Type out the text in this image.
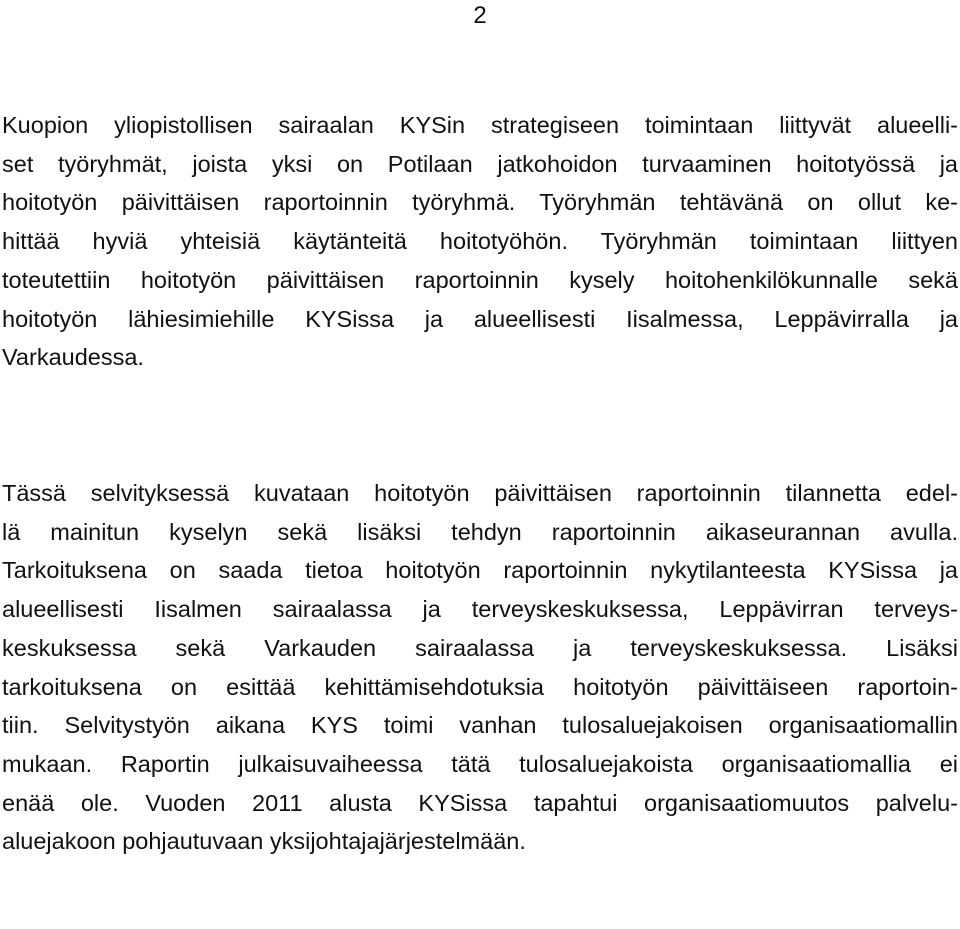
2
Kuopion yliopistollisen sairaalan KYSin strategiseen toimintaan liittyvät alueelli-
set työryhmät, joista yksi on Potilaan jatkohoidon turvaaminen hoitotyössä ja
hoitotyön päivittäisen raportoinnin työryhmä. Työryhmän tehtävänä on ollut ke-
hittää hyviä yhteisiä käytänteitä hoitotyöhön. Työryhmän toimintaan liittyen
toteutettiin hoitotyön päivittäisen raportoinnin kysely hoitohenkilökunnalle sekä
hoitotyön lähiesimiehille KYSissa ja alueellisesti Iisalmessa, Leppävirralla ja
Varkaudessa.
Tässä selvityksessä kuvataan hoitotyön päivittäisen raportoinnin tilannetta edel-
lä mainitun kyselyn sekä lisäksi tehdyn raportoinnin aikaseurannan avulla.
Tarkoituksena on saada tietoa hoitotyön raportoinnin nykytilanteesta KYSissa ja
alueellisesti Iisalmen sairaalassa ja terveyskeskuksessa, Leppävirran terveys-
keskuksessa sekä Varkauden sairaalassa ja terveyskeskuksessa. Lisäksi
tarkoituksena on esittää kehittämisehdotuksia hoitotyön päivittäiseen raportoin-
tiin. Selvitystyön aikana KYS toimi vanhan tulosaluejakoisen organisaatiomallin
mukaan. Raportin julkaisuvaiheessa tätä tulosaluejakoista organisaatiomallia ei
enää ole. Vuoden 2011 alusta KYSissa tapahtui organisaatiomuutos palvelu-
aluejakoon pohjautuvaan yksijohtajajärjestelmään.
